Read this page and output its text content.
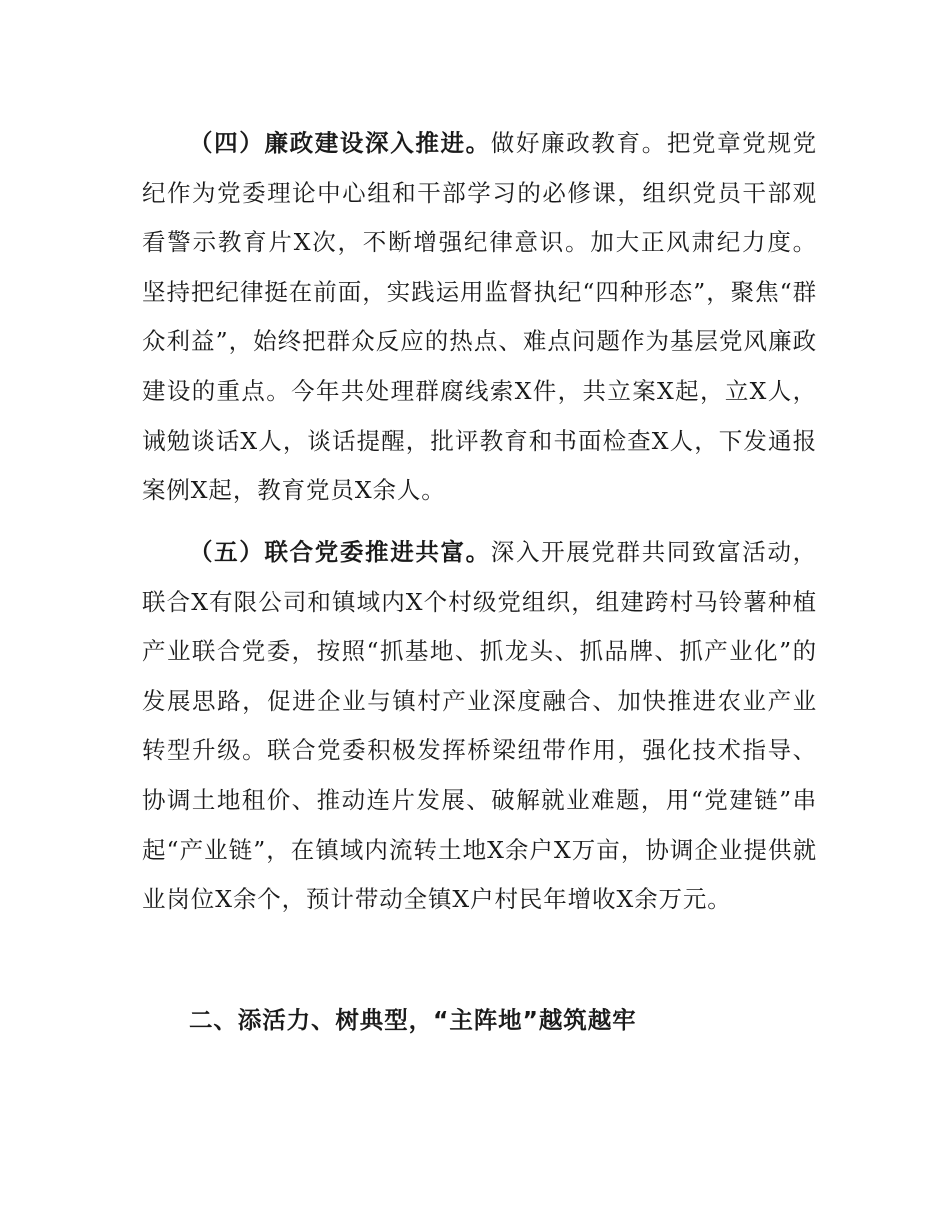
（四）廉政建设深入推进。做好廉政教育。把党章党规党纪作为党委理论中心组和干部学习的必修课，组织党员干部观看警示教育片X次，不断增强纪律意识。加大正风肃纪力度。坚持把纪律挺在前面，实践运用监督执纪“四种形态”，聚焦“群众利益”，始终把群众反应的热点、难点问题作为基层党风廉政建设的重点。今年共处理群腐线索X件，共立案X起，立X人，诫勉谈话X人，谈话提醒，批评教育和书面检查X人，下发通报案例X起，教育党员X余人。

（五）联合党委推进共富。深入开展党群共同致富活动，联合X有限公司和镇域内X个村级党组织，组建跨村马铃薯种植产业联合党委，按照“抓基地、抓龙头、抓品牌、抓产业化”的发展思路，促进企业与镇村产业深度融合、加快推进农业产业转型升级。联合党委积极发挥桥梁纽带作用，强化技术指导、协调土地租价、推动连片发展、破解就业难题，用“党建链”串起“产业链”，在镇域内流转土地X余户X万亩，协调企业提供就业岗位X余个，预计带动全镇X户村民年增收X余万元。

二、添活力、树典型，“主阵地”越筑越牢
